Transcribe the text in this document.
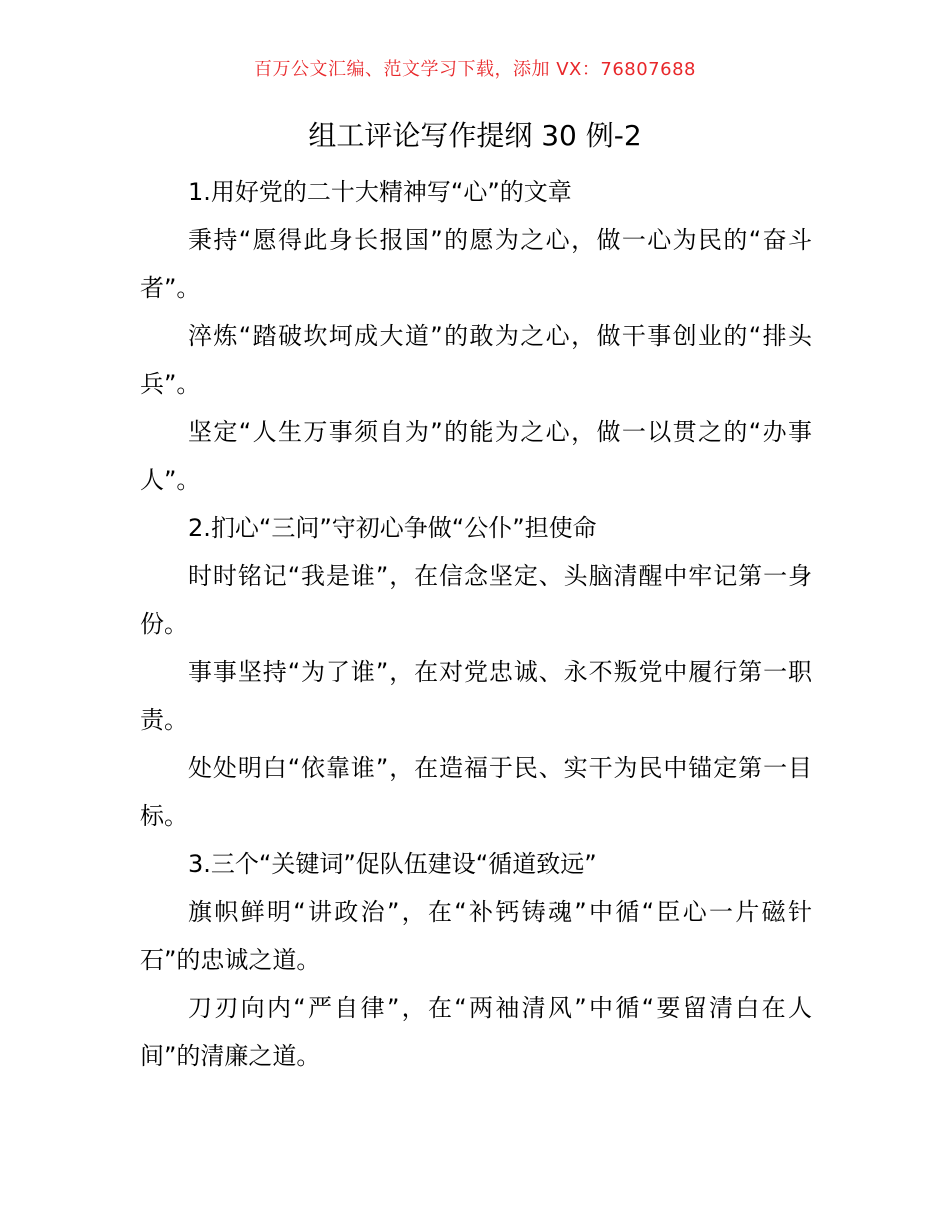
百万公文汇编、范文学习下载，添加 VX：76807688
组工评论写作提纲 30 例-2

1.用好党的二十大精神写“心”的文章

秉持“愿得此身长报国”的愿为之心，做一心为民的“奋斗者”。

淬炼“踏破坎坷成大道”的敢为之心，做干事创业的“排头兵”。

坚定“人生万事须自为”的能为之心，做一以贯之的“办事人”。

2.扪心“三问”守初心争做“公仆”担使命

时时铭记“我是谁”，在信念坚定、头脑清醒中牢记第一身份。

事事坚持“为了谁”，在对党忠诚、永不叛党中履行第一职责。

处处明白“依靠谁”，在造福于民、实干为民中锚定第一目标。

3.三个“关键词”促队伍建设“循道致远”

旗帜鲜明“讲政治”，在“补钙铸魂”中循“臣心一片磁针石”的忠诚之道。

刀刃向内“严自律”，在“两袖清风”中循“要留清白在人间”的清廉之道。
